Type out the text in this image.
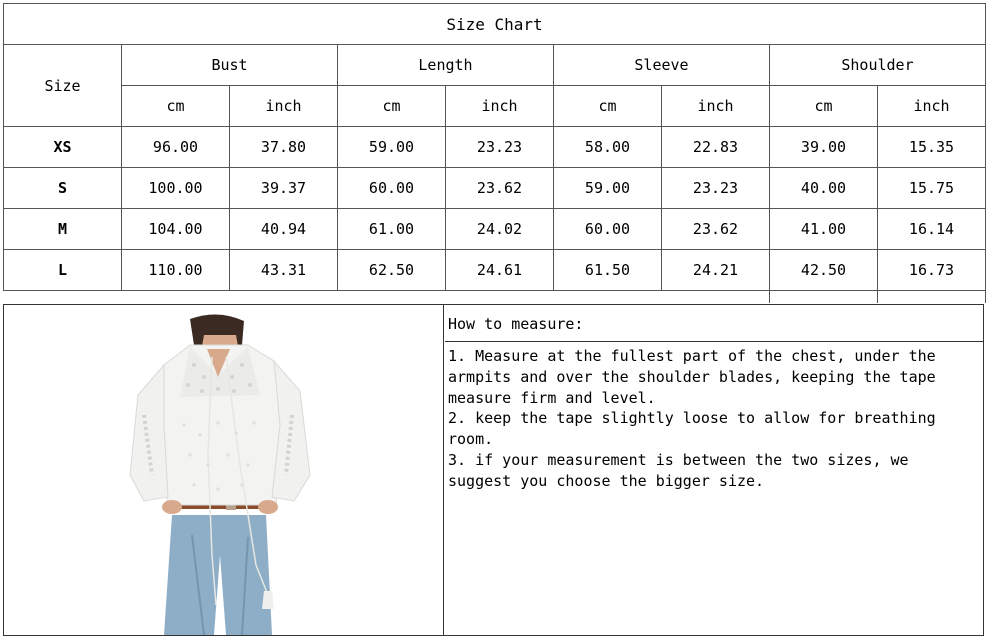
Size Chart								
Size	Bust		Length		Sleeve		Shoulder	
	cm	inch	cm	inch	cm	inch	cm	inch
XS	96.00	37.80	59.00	23.23	58.00	22.83	39.00	15.35
S	100.00	39.37	60.00	23.62	59.00	23.23	40.00	15.75
M	104.00	40.94	61.00	24.02	60.00	23.62	41.00	16.14
L	110.00	43.31	62.50	24.61	61.50	24.21	42.50	16.73
How to measure:

1. Measure at the fullest part of the chest, under the armpits and over the shoulder blades, keeping the tape measure firm and level.

2. keep the tape slightly loose to allow for breathing room.

3. if your measurement is between the two sizes, we suggest you choose the bigger size.
